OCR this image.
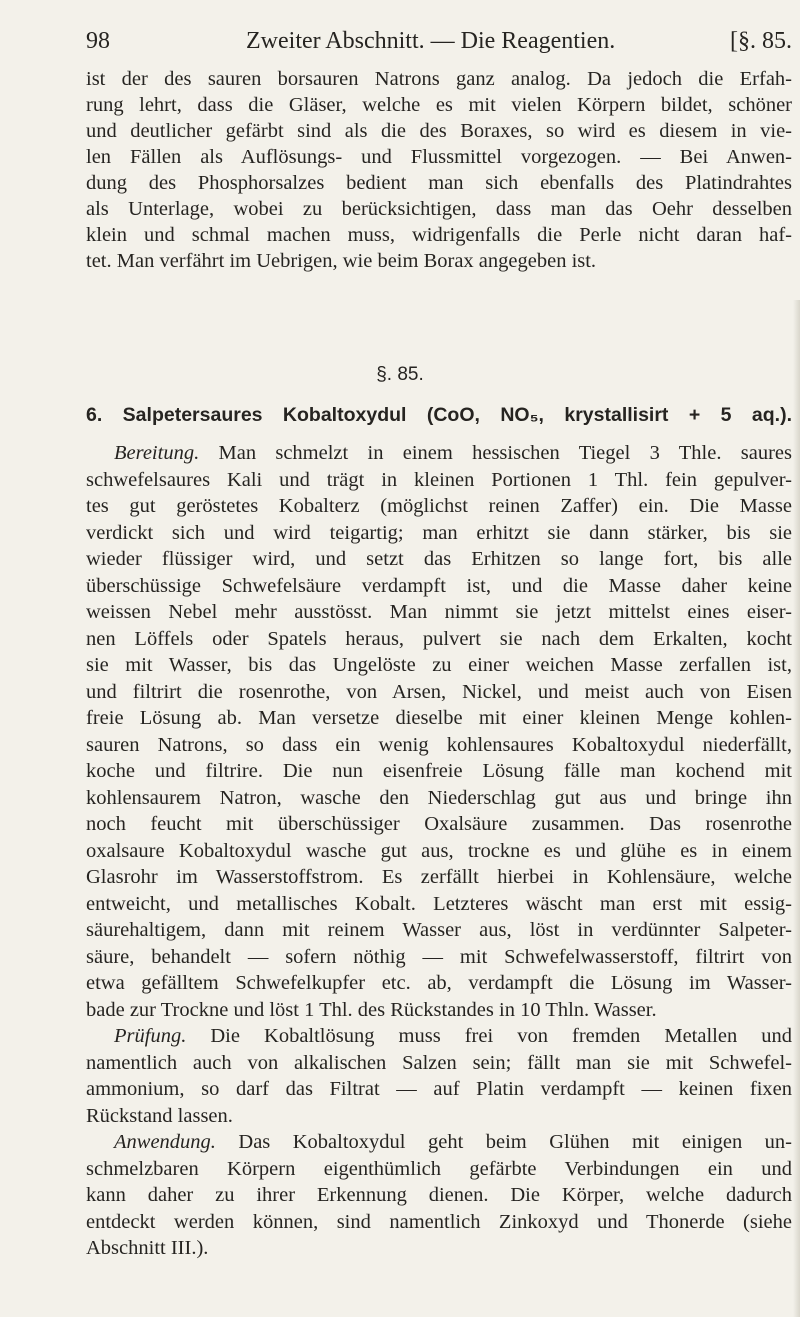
98	Zweiter Abschnitt. — Die Reagentien.	[§. 85.
ist der des sauren borsauren Natrons ganz analog. Da jedoch die Erfah-
rung lehrt, dass die Gläser, welche es mit vielen Körpern bildet, schöner
und deutlicher gefärbt sind als die des Boraxes, so wird es diesem in vie-
len Fällen als Auflösungs- und Flussmittel vorgezogen. — Bei Anwen-
dung des Phosphorsalzes bedient man sich ebenfalls des Platindrahtes
als Unterlage, wobei zu berücksichtigen, dass man das Oehr desselben
klein und schmal machen muss, widrigenfalls die Perle nicht daran haf-
tet. Man verfährt im Uebrigen, wie beim Borax angegeben ist.
§. 85.
6. Salpetersaures Kobaltoxydul (CoO, NO₅, krystallisirt + 5 aq.).
Bereitung. Man schmelzt in einem hessischen Tiegel 3 Thle. saures
schwefelsaures Kali und trägt in kleinen Portionen 1 Thl. fein gepulver-
tes gut geröstetes Kobalterz (möglichst reinen Zaffer) ein. Die Masse
verdickt sich und wird teigartig; man erhitzt sie dann stärker, bis sie
wieder flüssiger wird, und setzt das Erhitzen so lange fort, bis alle
überschüssige Schwefelsäure verdampft ist, und die Masse daher keine
weissen Nebel mehr ausstösst. Man nimmt sie jetzt mittelst eines eiser-
nen Löffels oder Spatels heraus, pulvert sie nach dem Erkalten, kocht
sie mit Wasser, bis das Ungelöste zu einer weichen Masse zerfallen ist,
und filtrirt die rosenrothe, von Arsen, Nickel, und meist auch von Eisen
freie Lösung ab. Man versetze dieselbe mit einer kleinen Menge kohlen-
sauren Natrons, so dass ein wenig kohlensaures Kobaltoxydul niederfällt,
koche und filtrire. Die nun eisenfreie Lösung fälle man kochend mit
kohlensaurem Natron, wasche den Niederschlag gut aus und bringe ihn
noch feucht mit überschüssiger Oxalsäure zusammen. Das rosenrothe
oxalsaure Kobaltoxydul wasche gut aus, trockne es und glühe es in einem
Glasrohr im Wasserstoffstrom. Es zerfällt hierbei in Kohlensäure, welche
entweicht, und metallisches Kobalt. Letzteres wäscht man erst mit essig-
säurehaltigem, dann mit reinem Wasser aus, löst in verdünnter Salpeter-
säure, behandelt — sofern nöthig — mit Schwefelwasserstoff, filtrirt von
etwa gefälltem Schwefelkupfer etc. ab, verdampft die Lösung im Wasser-
bade zur Trockne und löst 1 Thl. des Rückstandes in 10 Thln. Wasser.
Prüfung. Die Kobaltlösung muss frei von fremden Metallen und
namentlich auch von alkalischen Salzen sein; fällt man sie mit Schwefel-
ammonium, so darf das Filtrat — auf Platin verdampft — keinen fixen
Rückstand lassen.
Anwendung. Das Kobaltoxydul geht beim Glühen mit einigen un-
schmelzbaren Körpern eigenthümlich gefärbte Verbindungen ein und
kann daher zu ihrer Erkennung dienen. Die Körper, welche dadurch
entdeckt werden können, sind namentlich Zinkoxyd und Thonerde (siehe
Abschnitt III.).
